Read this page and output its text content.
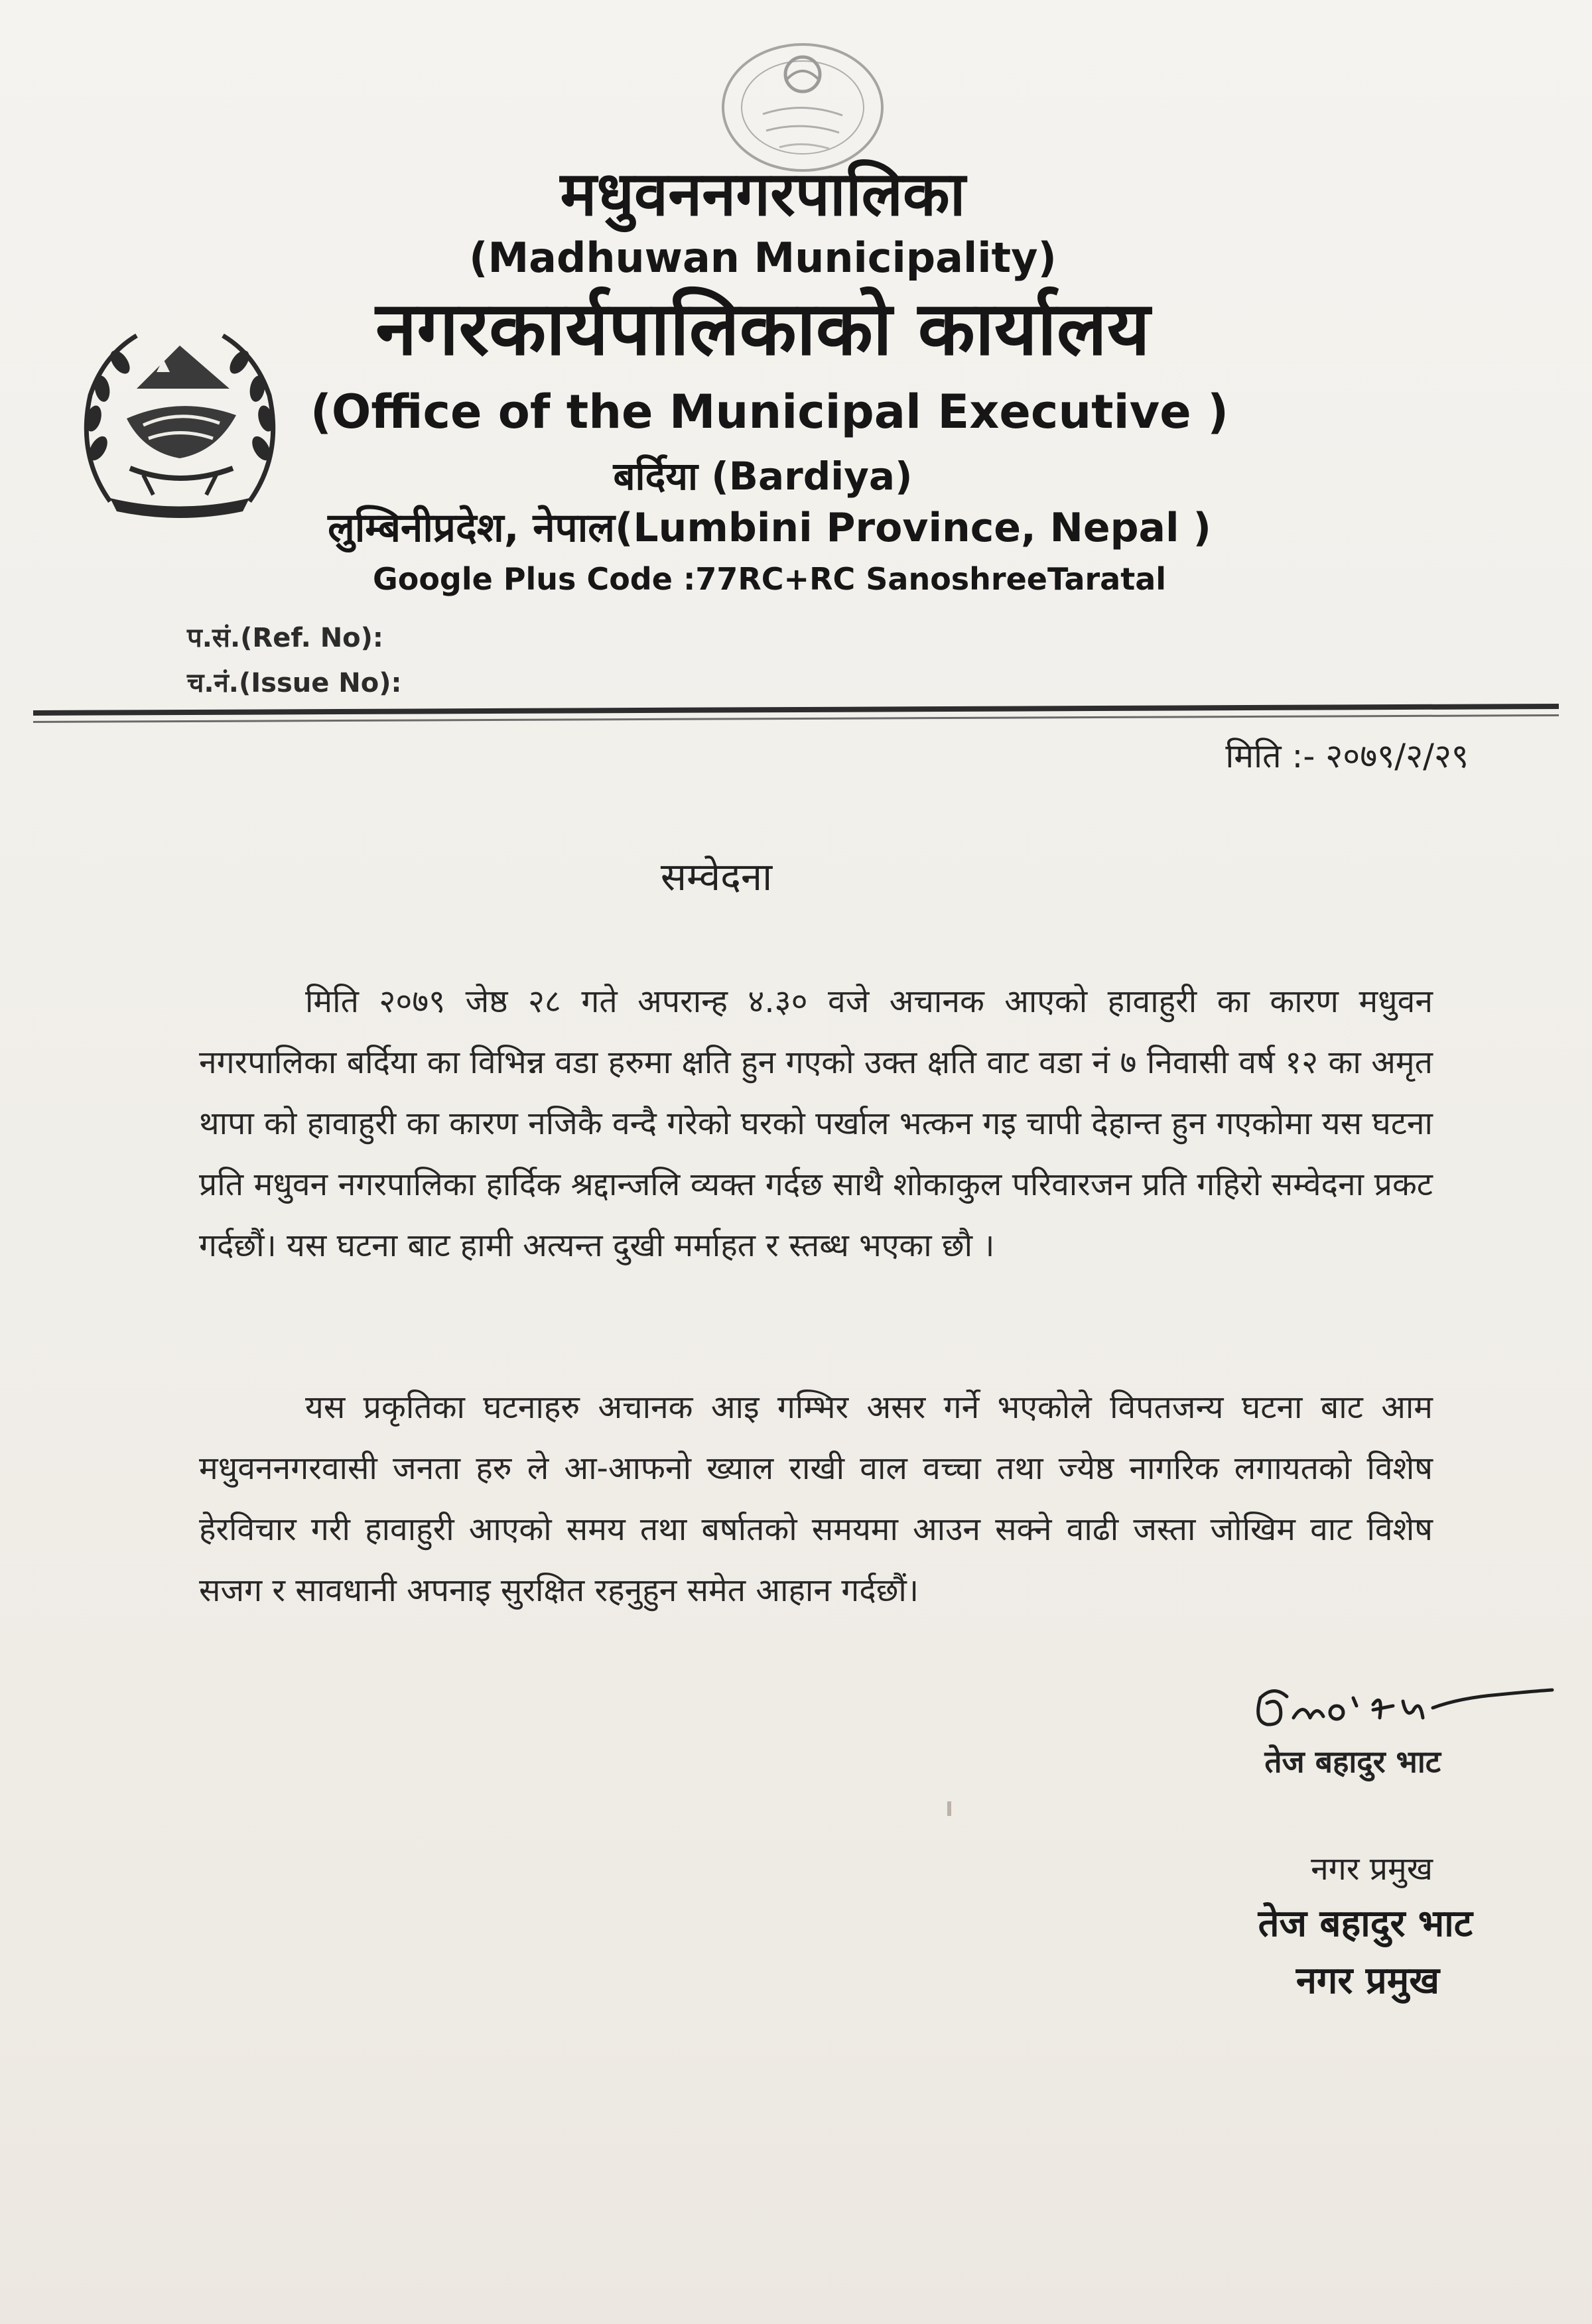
मधुवननगरपालिका
(Madhuwan Municipality)
नगरकार्यपालिकाको कार्यालय
(Office of the Municipal Executive )
बर्दिया (Bardiya)
लुम्बिनीप्रदेश, नेपाल(Lumbini Province, Nepal )
Google Plus Code :77RC+RC SanoshreeTaratal
प.सं.(Ref. No):
च.नं.(Issue No):
मिति :- २०७९/२/२९
सम्वेदना
मिति २०७९ जेष्ठ २८ गते अपरान्ह ४.३० वजे अचानक आएको हावाहुरी का कारण मधुवन नगरपालिका बर्दिया का विभिन्न वडा हरुमा क्षति हुन गएको उक्त क्षति वाट वडा नं ७ निवासी वर्ष १२ का अमृत थापा को हावाहुरी का कारण नजिकै वन्दै गरेको घरको पर्खाल भत्कन गइ चापी देहान्त हुन गएकोमा यस घटना प्रति मधुवन नगरपालिका हार्दिक श्रद्दान्जलि व्यक्त गर्दछ साथै शोकाकुल परिवारजन प्रति गहिरो सम्वेदना प्रकट गर्दछौं। यस घटना बाट हामी अत्यन्त दुखी मर्माहत र स्तब्ध भएका छौ ।
यस प्रकृतिका घटनाहरु अचानक आइ गम्भिर असर गर्ने भएकोले विपतजन्य घटना बाट आम मधुवननगरवासी जनता हरु ले आ-आफनो ख्याल राखी वाल वच्चा तथा ज्येष्ठ नागरिक लगायतको विशेष हेरविचार गरी हावाहुरी आएको समय तथा बर्षातको समयमा आउन सक्ने वाढी जस्ता जोखिम वाट विशेष सजग र सावधानी अपनाइ सुरक्षित रहनुहुन समेत आहान गर्दछौं।
तेज बहादुर भाट
नगर प्रमुख
तेज बहादुर भाट
नगर प्रमुख
